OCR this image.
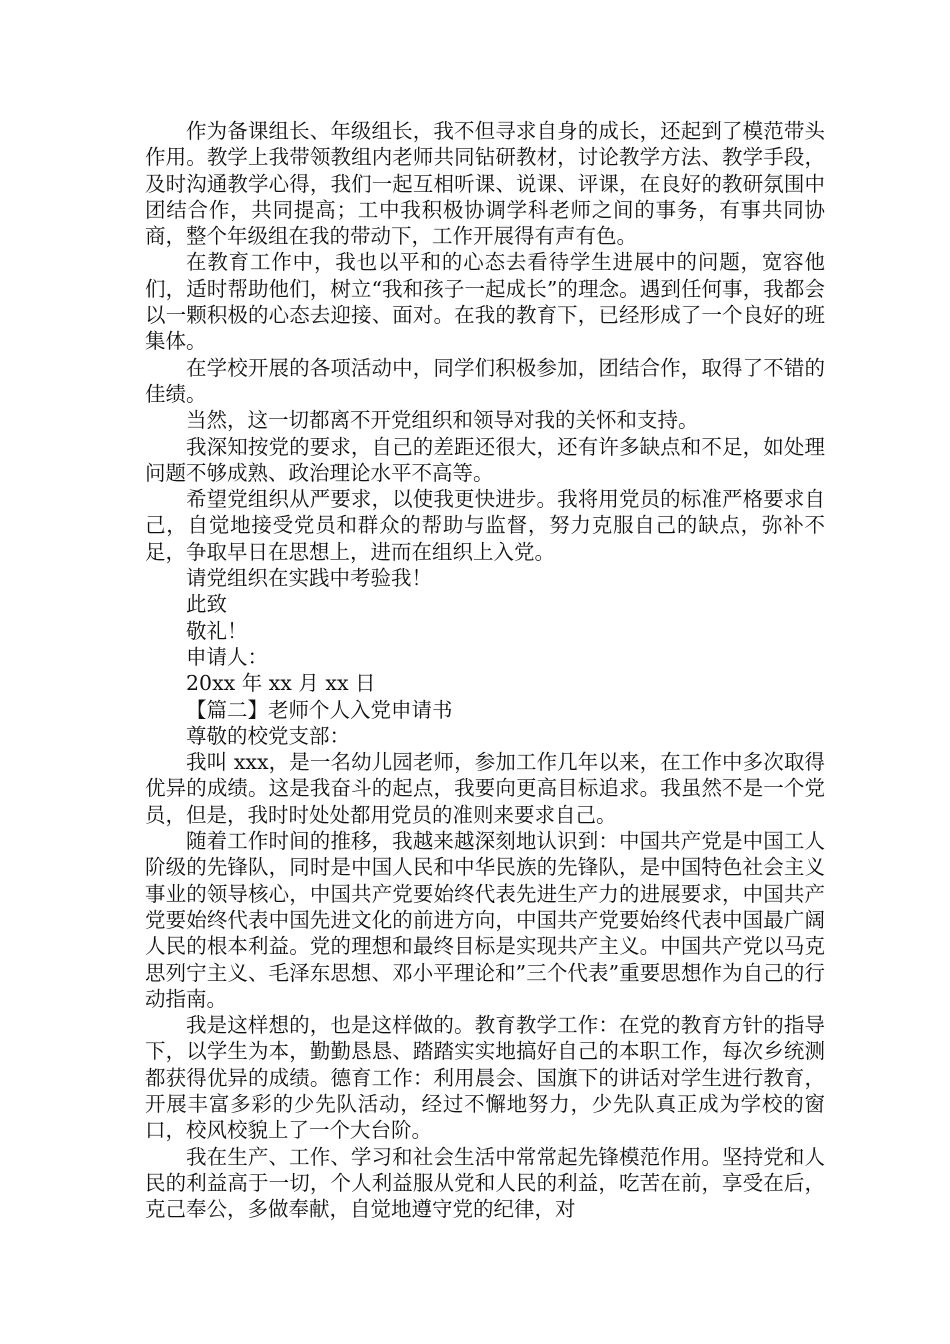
作为备课组长、年级组长，我不但寻求自身的成长，还起到了模范带头作用。教学上我带领教组内老师共同钻研教材，讨论教学方法、教学手段，及时沟通教学心得，我们一起互相听课、说课、评课，在良好的教研氛围中团结合作，共同提高；工中我积极协调学科老师之间的事务，有事共同协商，整个年级组在我的带动下，工作开展得有声有色。

在教育工作中，我也以平和的心态去看待学生进展中的问题，宽容他们，适时帮助他们，树立“我和孩子一起成长”的理念。遇到任何事，我都会以一颗积极的心态去迎接、面对。在我的教育下，已经形成了一个良好的班集体。

在学校开展的各项活动中，同学们积极参加，团结合作，取得了不错的佳绩。

当然，这一切都离不开党组织和领导对我的关怀和支持。

我深知按党的要求，自己的差距还很大，还有许多缺点和不足，如处理问题不够成熟、政治理论水平不高等。

希望党组织从严要求，以使我更快进步。我将用党员的标准严格要求自己，自觉地接受党员和群众的帮助与监督，努力克服自己的缺点，弥补不足，争取早日在思想上，进而在组织上入党。

请党组织在实践中考验我！

此致

敬礼！

申请人：

20xx 年 xx 月 xx 日

【篇二】老师个人入党申请书

尊敬的校党支部：

我叫 xxx，是一名幼儿园老师，参加工作几年以来，在工作中多次取得优异的成绩。这是我奋斗的起点，我要向更高目标追求。我虽然不是一个党员，但是，我时时处处都用党员的准则来要求自己。

随着工作时间的推移，我越来越深刻地认识到：中国共产党是中国工人阶级的先锋队，同时是中国人民和中华民族的先锋队，是中国特色社会主义事业的领导核心，中国共产党要始终代表先进生产力的进展要求，中国共产党要始终代表中国先进文化的前进方向，中国共产党要始终代表中国最广阔人民的根本利益。党的理想和最终目标是实现共产主义。中国共产党以马克思列宁主义、毛泽东思想、邓小平理论和”三个代表”重要思想作为自己的行动指南。

我是这样想的，也是这样做的。教育教学工作：在党的教育方针的指导下，以学生为本，勤勤恳恳、踏踏实实地搞好自己的本职工作，每次乡统测都获得优异的成绩。德育工作：利用晨会、国旗下的讲话对学生进行教育，开展丰富多彩的少先队活动，经过不懈地努力，少先队真正成为学校的窗口，校风校貌上了一个大台阶。

我在生产、工作、学习和社会生活中常常起先锋模范作用。坚持党和人民的利益高于一切，个人利益服从党和人民的利益，吃苦在前，享受在后，克己奉公，多做奉献，自觉地遵守党的纪律，对
